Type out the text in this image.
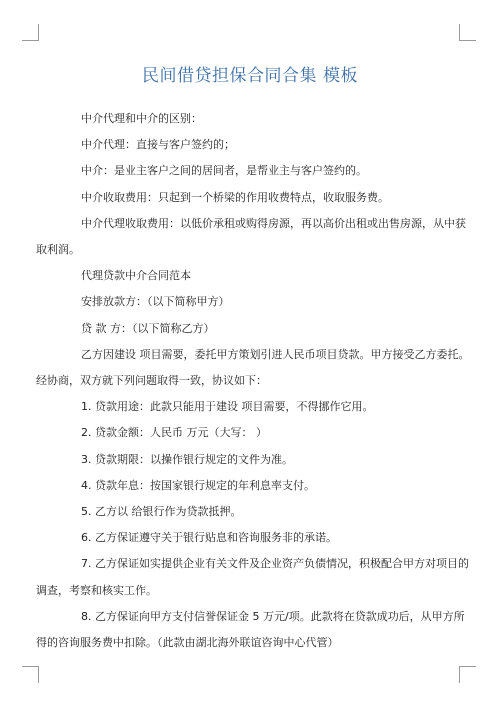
民间借贷担保合同合集 模板

中介代理和中介的区别：

中介代理：直接与客户签约的；

中介：是业主客户之间的居间者，是帮业主与客户签约的。

中介收取费用：只起到一个桥梁的作用收费特点，收取服务费。

中介代理收取费用：以低价承租或购得房源，再以高价出租或出售房源，从中获

取利润。

代理贷款中介合同范本

安排放款方：（以下简称甲方）

贷 款 方：（以下简称乙方）

乙方因建设 项目需要，委托甲方策划引进人民币项目贷款。甲方接受乙方委托。

经协商，双方就下列问题取得一致，协议如下：

1. 贷款用途：此款只能用于建设 项目需要，不得挪作它用。

2. 贷款金额：人民币 万元（大写： ）

3. 贷款期限：以操作银行规定的文件为准。

4. 贷款年息：按国家银行规定的年利息率支付。

5. 乙方以 给银行作为贷款抵押。

6. 乙方保证遵守关于银行贴息和咨询服务非的承诺。

7. 乙方保证如实提供企业有关文件及企业资产负债情况，积极配合甲方对项目的

调查，考察和核实工作。

8. 乙方保证向甲方支付信誉保证金 5 万元/项。此款将在贷款成功后，从甲方所

得的咨询服务费中扣除。（此款由湖北海外联谊咨询中心代管）
